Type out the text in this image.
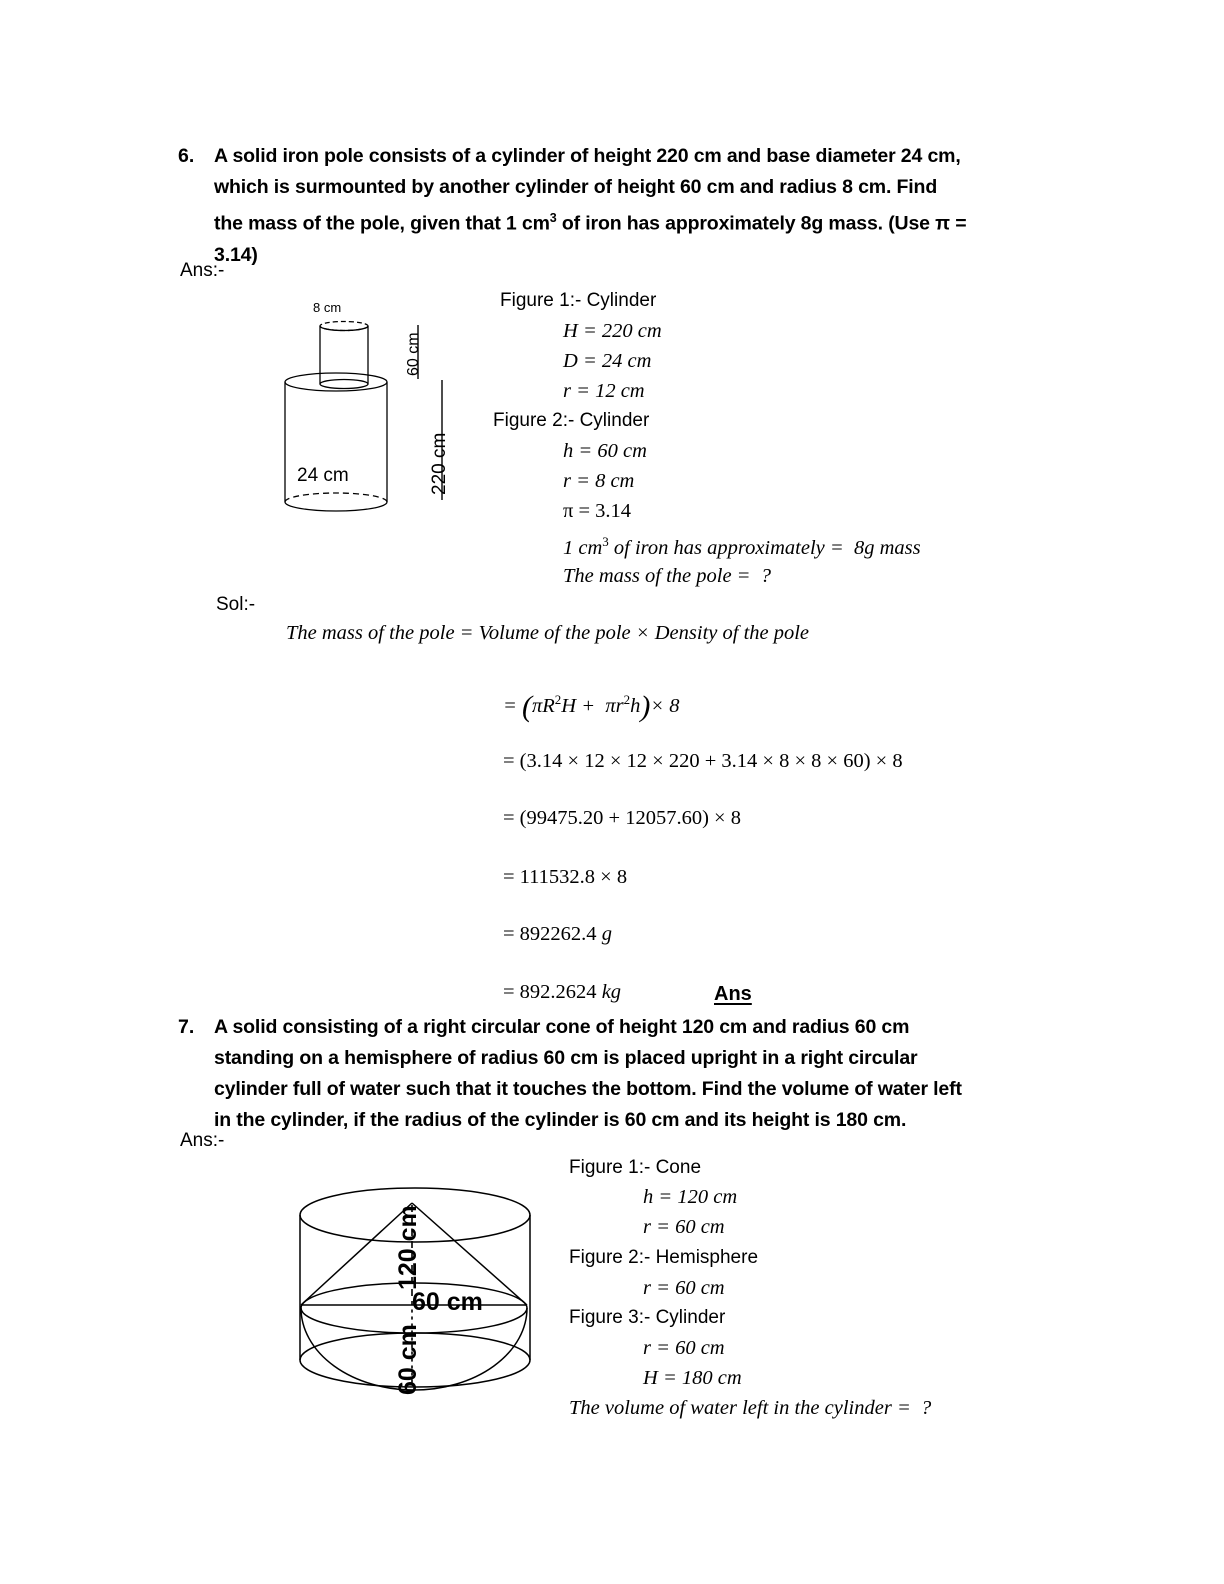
6. A solid iron pole consists of a cylinder of height 220 cm and base diameter 24 cm,
which is surmounted by another cylinder of height 60 cm and radius 8 cm. Find
the mass of the pole, given that 1 $cm^3$ of iron has approximately 8g mass. (Use π =
3.14)
Ans:-
8 cm
24 cm
60 cm
220 cm
Figure 1:- Cylinder
H = 220 cm
D = 24 cm
r = 12 cm
Figure 2:- Cylinder
h = 60 cm
r = 8 cm
π = 3.14
1 $cm^3$ of iron has approximately =  8g mass
The mass of the pole =  ?
Sol:-
The mass of the pole = Volume of the pole × Density of the pole
= $(\pi R^2H + \pi r^2h)\times 8$
= (3.14 × 12 × 12 × 220 + 3.14 × 8 × 8 × 60) × 8
= (99475.20 + 12057.60) × 8
= 111532.8 × 8
= 892262.4 g
= 892.2624 kg	Ans
7. A solid consisting of a right circular cone of height 120 cm and radius 60 cm
standing on a hemisphere of radius 60 cm is placed upright in a right circular
cylinder full of water such that it touches the bottom. Find the volume of water left
in the cylinder, if the radius of the cylinder is 60 cm and its height is 180 cm.
Ans:-
120 cm
60 cm
60 cm
Figure 1:- Cone
h = 120 cm
r = 60 cm
Figure 2:- Hemisphere
r = 60 cm
Figure 3:- Cylinder
r = 60 cm
H = 180 cm
The volume of water left in the cylinder =  ?
